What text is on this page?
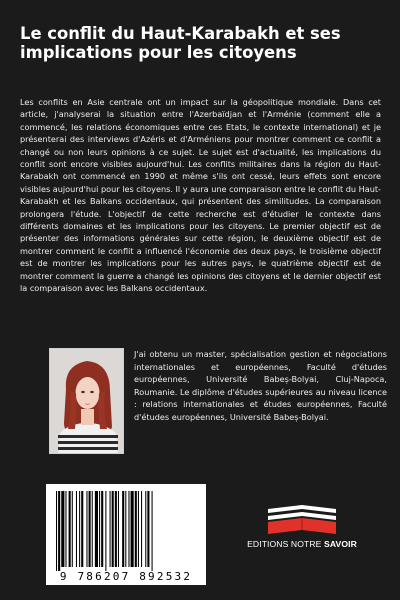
Le conflit du Haut-Karabakh et ses implications pour les citoyens

Les conflits en Asie centrale ont un impact sur la géopolitique mondiale. Dans cet article, j'analyserai la situation entre l'Azerbaïdjan et l'Arménie (comment elle a commencé, les relations économiques entre ces Etats, le contexte international) et je présenterai des interviews d'Azéris et d'Arméniens pour montrer comment ce conflit a changé ou non leurs opinions à ce sujet. Le sujet est d'actualité, les implications du conflit sont encore visibles aujourd'hui. Les conflits militaires dans la région du Haut-Karabakh ont commencé en 1990 et même s'ils ont cessé, leurs effets sont encore visibles aujourd'hui pour les citoyens. Il y aura une comparaison entre le conflit du Haut-Karabakh et les Balkans occidentaux, qui présentent des similitudes. La comparaison prolongera l'étude. L'objectif de cette recherche est d'étudier le contexte dans différents domaines et les implications pour les citoyens. Le premier objectif est de présenter des informations générales sur cette région, le deuxième objectif est de montrer comment le conflit a influencé l'économie des deux pays, le troisième objectif est de montrer les implications pour les autres pays, le quatrième objectif est de montrer comment la guerre a changé les opinions des citoyens et le dernier objectif est la comparaison avec les Balkans occidentaux.

J'ai obtenu un master, spécialisation gestion et négociations internationales et européennes, Faculté d'études européennes, Université Babeș-Bolyai, Cluj-Napoca, Roumanie. Le diplôme d'études supérieures au niveau licence : relations internationales et études européennes, Faculté d'études européennes, Université Babeș-Bolyai.

9 786207 892532
EDITIONS NOTRE SAVOIR
